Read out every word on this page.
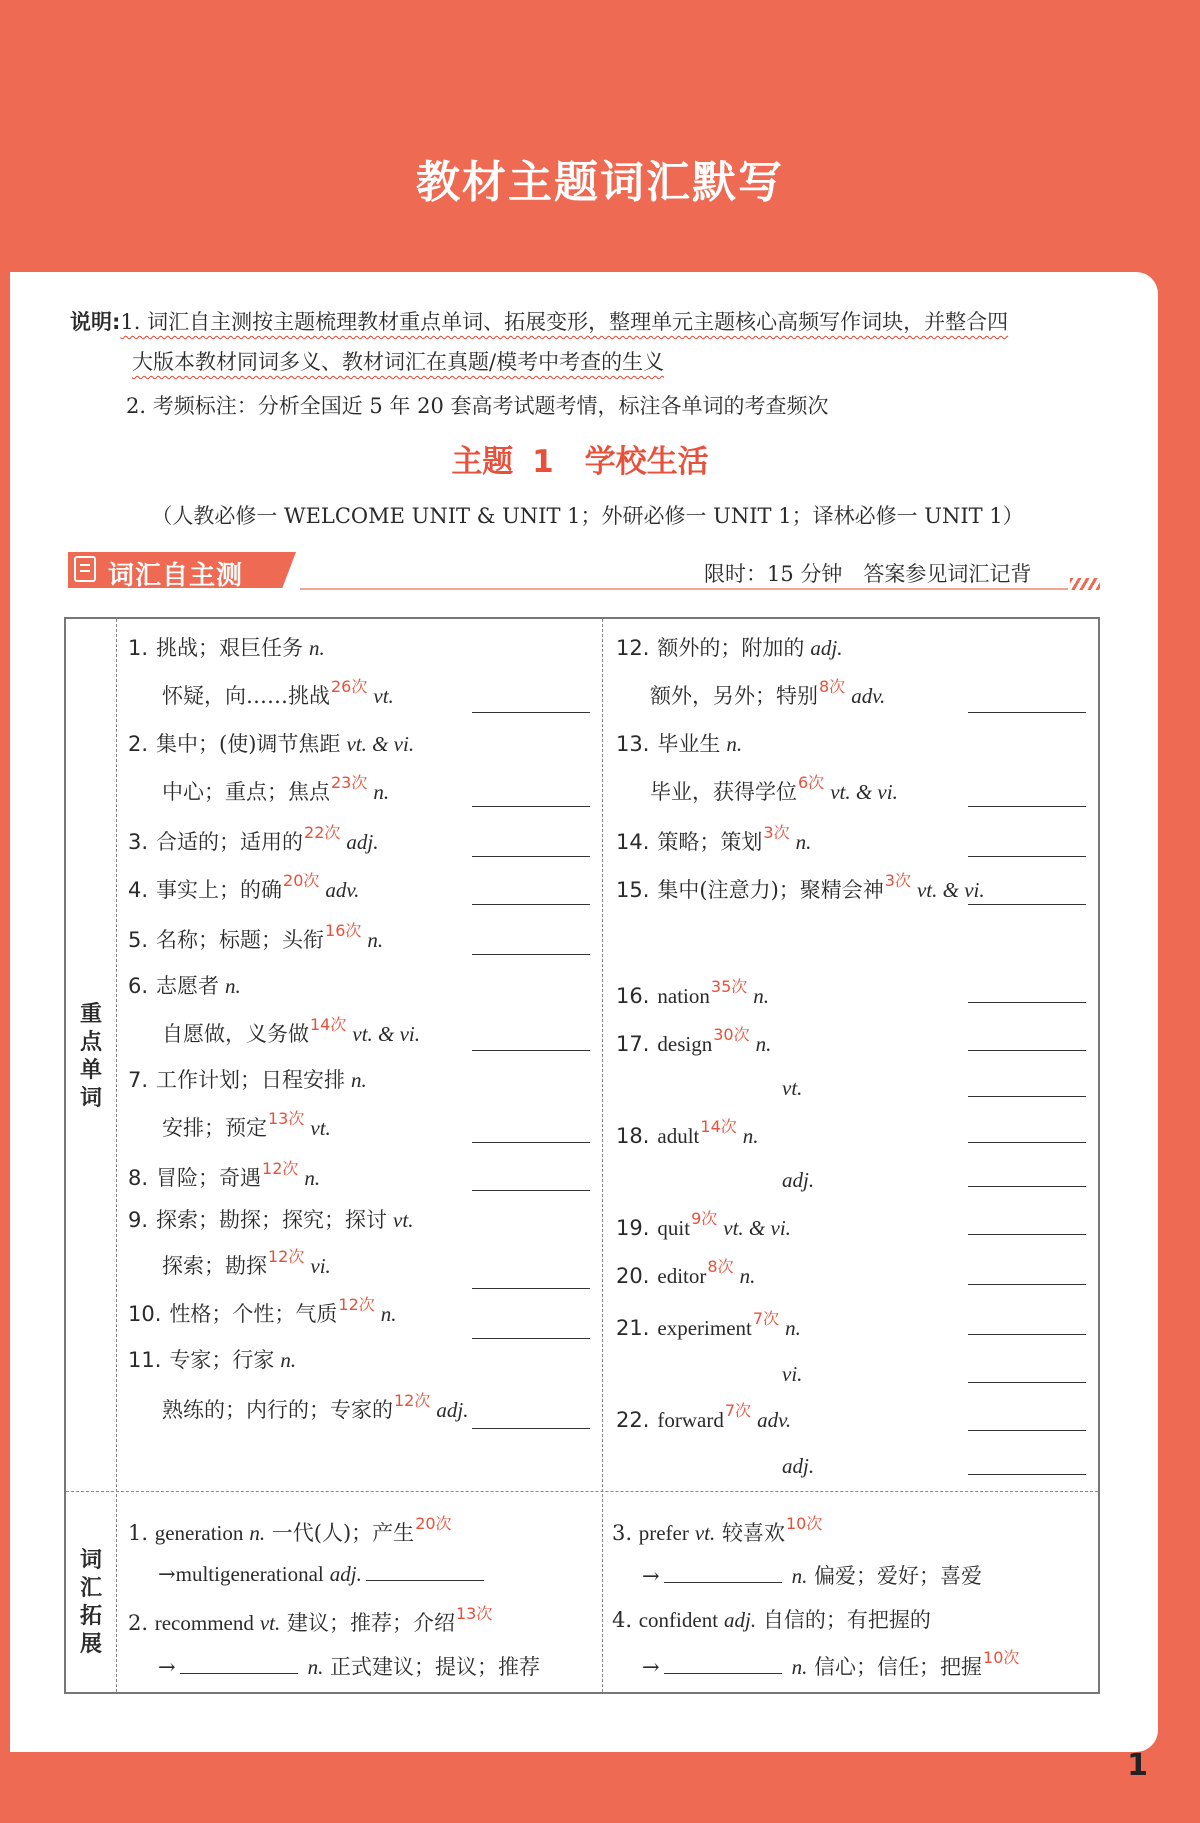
教材主题词汇默写
1
说明:1. 词汇自主测按主题梳理教材重点单词、拓展变形，整理单元主题核心高频写作词块，并整合四
大版本教材同词多义、教材词汇在真题/模考中考查的生义
2. 考频标注：分析全国近 5 年 20 套高考试题考情，标注各单词的考查频次
主题 1　学校生活
（人教必修一 WELCOME UNIT & UNIT 1；外研必修一 UNIT 1；译林必修一 UNIT 1）
词汇自主测	限时：15 分钟　答案参见词汇记背
重点单词
词汇拓展
1. 挑战；艰巨任务 n.
怀疑，向……挑战$^{26次}$ vt.
2. 集中；(使)调节焦距 vt. & vi.
中心；重点；焦点$^{23次}$ n.
3. 合适的；适用的$^{22次}$ adj.
4. 事实上；的确$^{20次}$ adv.
5. 名称；标题；头衔$^{16次}$ n.
6. 志愿者 n.
自愿做，义务做$^{14次}$ vt. & vi.
7. 工作计划；日程安排 n.
安排；预定$^{13次}$ vt.
8. 冒险；奇遇$^{12次}$ n.
9. 探索；勘探；探究；探讨 vt.
探索；勘探$^{12次}$ vi.
10. 性格；个性；气质$^{12次}$ n.
11. 专家；行家 n.
熟练的；内行的；专家的$^{12次}$ adj.
12. 额外的；附加的 adj.
额外，另外；特别$^{8次}$ adv.
13. 毕业生 n.
毕业，获得学位$^{6次}$ vt. & vi.
14. 策略；策划$^{3次}$ n.
15. 集中(注意力)；聚精会神$^{3次}$ vt. & vi.
16. nation$^{35次}$ n.
17. design$^{30次}$ n.
vt.
18. adult$^{14次}$ n.
adj.
19. quit$^{9次}$ vt. & vi.
20. editor$^{8次}$ n.
21. experiment$^{7次}$ n.
vi.
22. forward$^{7次}$ adv.
adj.
1. generation n. 一代(人)；产生$^{20次}$
→multigenerational adj.
2. recommend vt. 建议；推荐；介绍$^{13次}$
→	n. 正式建议；提议；推荐
3. prefer vt. 较喜欢$^{10次}$
→	n. 偏爱；爱好；喜爱
4. confident adj. 自信的；有把握的
→	n. 信心；信任；把握$^{10次}$
